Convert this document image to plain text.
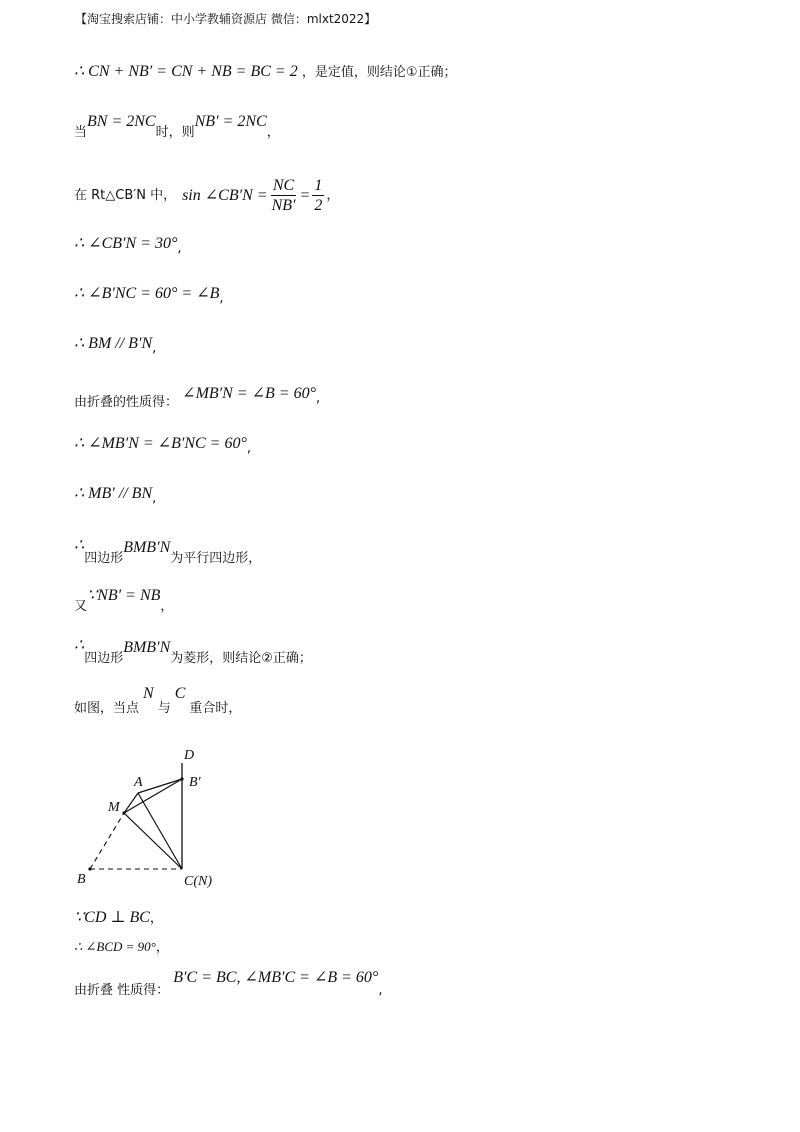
【淘宝搜索店铺：中小学教辅资源店 微信：mlxt2022】
∴ CN + NB′ = CN + NB = BC = 2 ，是定值，则结论①正确；
当BN = 2NC时，则NB′ = 2NC，
在 Rt△CB′N 中， sin ∠CB′N = $\frac{NC}{NB'} = \frac{1}{2}$ ，
∴ ∠CB′N = 30°,
∴ ∠B′NC = 60° = ∠B,
∴ BM // B′N,
由折叠的性质得： ∠MB′N = ∠B = 60°,
∴ ∠MB′N = ∠B′NC = 60°,
∴ MB′ // BN,
∴四边形BMB′N为平行四边形，
又∵NB′ = NB，
∴四边形BMB′N为菱形，则结论②正确；
如图，当点N与C重合时，
D
A	B′
M
B	C(N)
∵CD ⊥ BC，
∴ ∠BCD = 90°，
由折叠 性质得： B′C = BC, ∠MB′C = ∠B = 60°,
